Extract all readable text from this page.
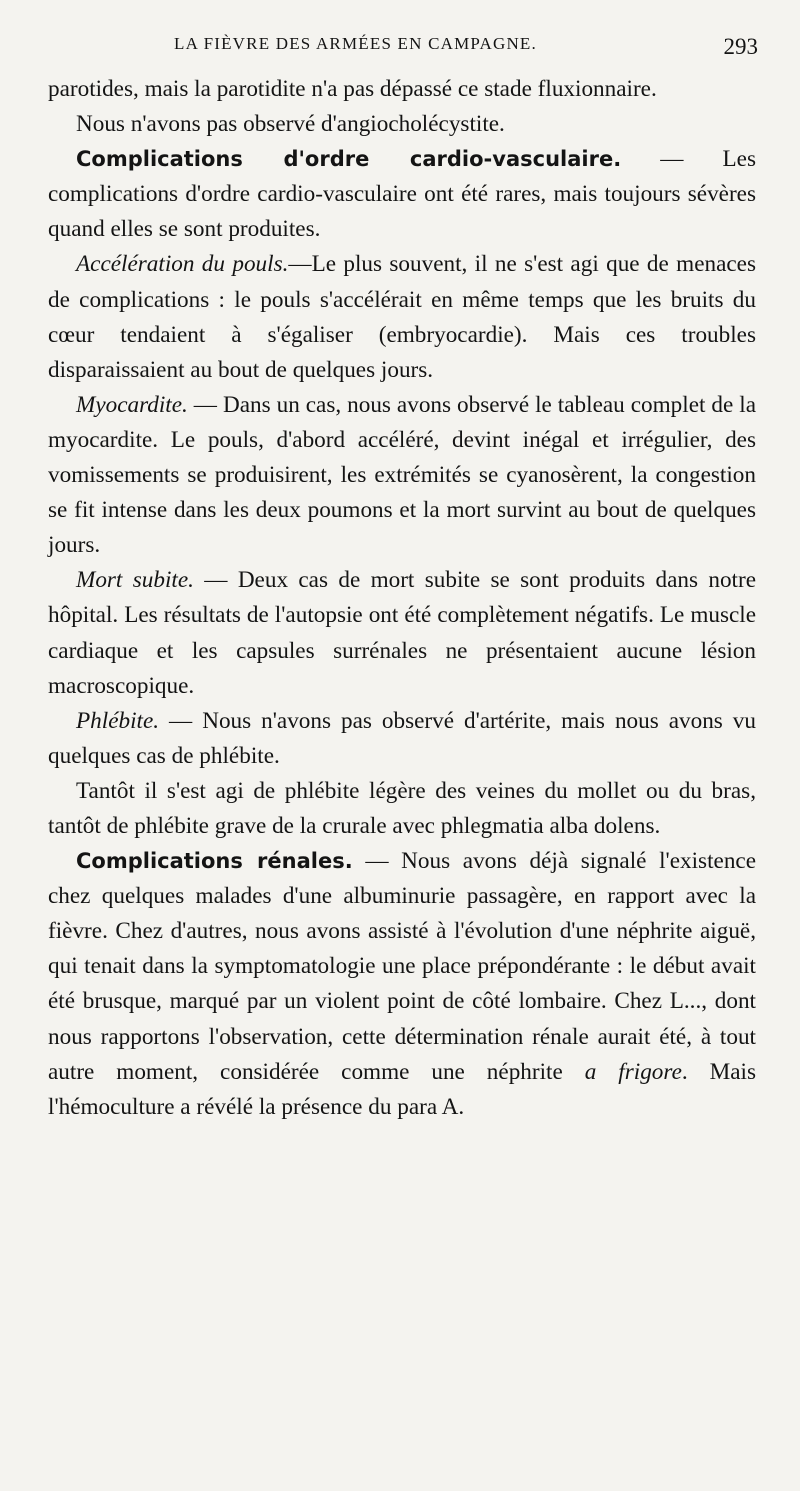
LA FIÈVRE DES ARMÉES EN CAMPAGNE.	293

parotides, mais la parotidite n'a pas dépassé ce stade fluxionnaire.

Nous n'avons pas observé d'angiocholécystite.

Complications d'ordre cardio-vasculaire. — Les complications d'ordre cardio-vasculaire ont été rares, mais toujours sévères quand elles se sont produites.

Accélération du pouls.—Le plus souvent, il ne s'est agi que de menaces de complications : le pouls s'accélérait en même temps que les bruits du cœur tendaient à s'égaliser (embryocardie). Mais ces troubles disparaissaient au bout de quelques jours.

Myocardite. — Dans un cas, nous avons observé le tableau complet de la myocardite. Le pouls, d'abord accéléré, devint inégal et irrégulier, des vomissements se produisirent, les extrémités se cyanosèrent, la congestion se fit intense dans les deux poumons et la mort survint au bout de quelques jours.

Mort subite. — Deux cas de mort subite se sont produits dans notre hôpital. Les résultats de l'autopsie ont été complètement négatifs. Le muscle cardiaque et les capsules surrénales ne présentaient aucune lésion macroscopique.

Phlébite. — Nous n'avons pas observé d'artérite, mais nous avons vu quelques cas de phlébite.

Tantôt il s'est agi de phlébite légère des veines du mollet ou du bras, tantôt de phlébite grave de la crurale avec phlegmatia alba dolens.

Complications rénales. — Nous avons déjà signalé l'existence chez quelques malades d'une albuminurie passagère, en rapport avec la fièvre. Chez d'autres, nous avons assisté à l'évolution d'une néphrite aiguë, qui tenait dans la symptomatologie une place prépondérante : le début avait été brusque, marqué par un violent point de côté lombaire. Chez L..., dont nous rapportons l'observation, cette détermination rénale aurait été, à tout autre moment, considérée comme une néphrite a frigore. Mais l'hémoculture a révélé la présence du para A.
